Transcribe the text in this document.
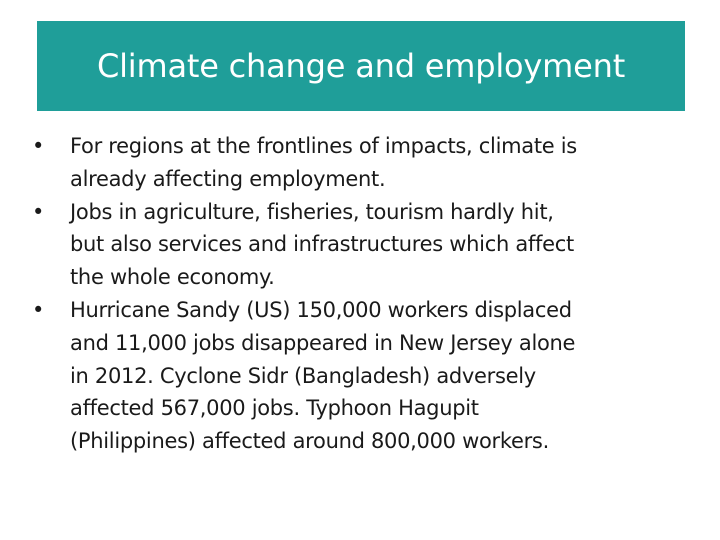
Climate change and employment
•	For regions at the frontlines of impacts, climate is
already affecting employment.
•	Jobs in agriculture, fisheries, tourism hardly hit,
but also services and infrastructures which affect
the whole economy.
•	Hurricane Sandy (US) 150,000 workers displaced
and 11,000 jobs disappeared in New Jersey alone
in 2012. Cyclone Sidr (Bangladesh) adversely
affected 567,000 jobs. Typhoon Hagupit
(Philippines) affected around 800,000 workers.
